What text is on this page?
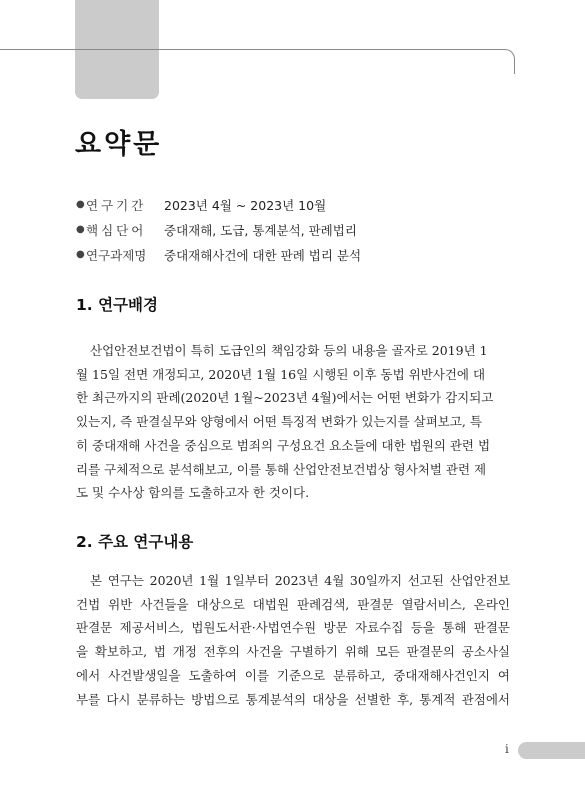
요약문
● 연구기간	2023년 4월 ~ 2023년 10월
● 핵심단어	중대재해, 도급, 통계분석, 판례법리
● 연구과제명	중대재해사건에 대한 판례 법리 분석
1. 연구배경
산업안전보건법이 특히 도급인의 책임강화 등의 내용을 골자로 2019년 1
월 15일 전면 개정되고, 2020년 1월 16일 시행된 이후 동법 위반사건에 대
한 최근까지의 판례(2020년 1월~2023년 4월)에서는 어떤 변화가 감지되고
있는지, 즉 판결실무와 양형에서 어떤 특징적 변화가 있는지를 살펴보고, 특
히 중대재해 사건을 중심으로 범죄의 구성요건 요소들에 대한 법원의 관련 법
리를 구체적으로 분석해보고, 이를 통해 산업안전보건법상 형사처벌 관련 제
도 및 수사상 함의를 도출하고자 한 것이다.
2. 주요 연구내용
본 연구는 2020년 1월 1일부터 2023년 4월 30일까지 선고된 산업안전보
건법 위반 사건들을 대상으로 대법원 판례검색, 판결문 열람서비스, 온라인
판결문 제공서비스, 법원도서관·사법연수원 방문 자료수집 등을 통해 판결문
을 확보하고, 법 개정 전후의 사건을 구별하기 위해 모든 판결문의 공소사실
에서 사건발생일을 도출하여 이를 기준으로 분류하고, 중대재해사건인지 여
부를 다시 분류하는 방법으로 통계분석의 대상을 선별한 후, 통계적 관점에서
i
